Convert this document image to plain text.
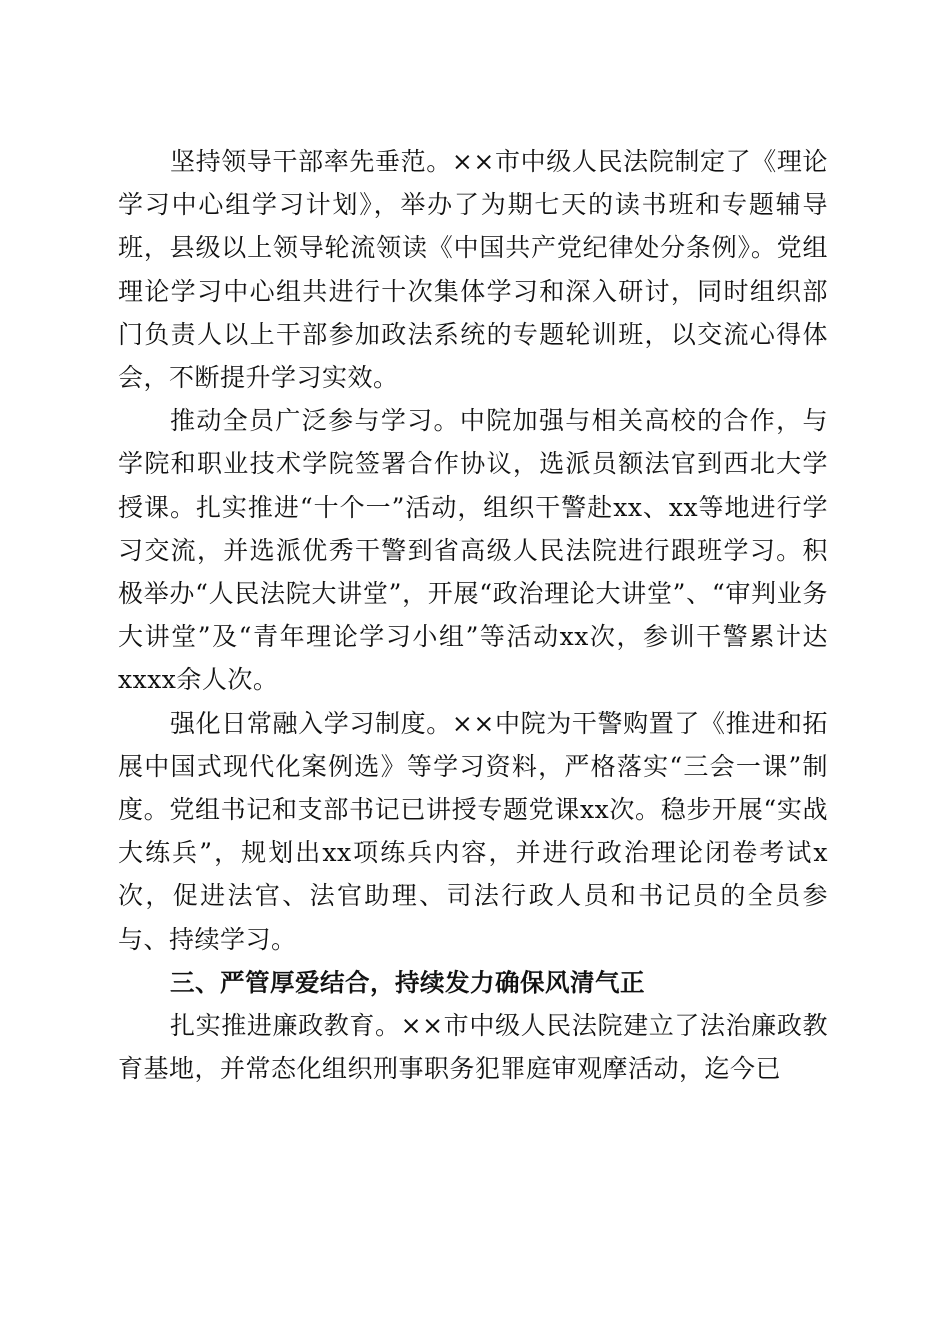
坚持领导干部率先垂范。××市中级人民法院制定了《理论学习中心组学习计划》，举办了为期七天的读书班和专题辅导班，县级以上领导轮流领读《中国共产党纪律处分条例》。党组理论学习中心组共进行十次集体学习和深入研讨，同时组织部门负责人以上干部参加政法系统的专题轮训班，以交流心得体会，不断提升学习实效。

推动全员广泛参与学习。中院加强与相关高校的合作，与学院和职业技术学院签署合作协议，选派员额法官到西北大学授课。扎实推进“十个一”活动，组织干警赴xx、xx等地进行学习交流，并选派优秀干警到省高级人民法院进行跟班学习。积极举办“人民法院大讲堂”，开展“政治理论大讲堂”、“审判业务大讲堂”及“青年理论学习小组”等活动xx次，参训干警累计达xxxx余人次。

强化日常融入学习制度。××中院为干警购置了《推进和拓展中国式现代化案例选》等学习资料，严格落实“三会一课”制度。党组书记和支部书记已讲授专题党课xx次。稳步开展“实战大练兵”，规划出xx项练兵内容，并进行政治理论闭卷考试x次，促进法官、法官助理、司法行政人员和书记员的全员参与、持续学习。

三、严管厚爱结合，持续发力确保风清气正

扎实推进廉政教育。××市中级人民法院建立了法治廉政教育基地，并常态化组织刑事职务犯罪庭审观摩活动，迄今已
